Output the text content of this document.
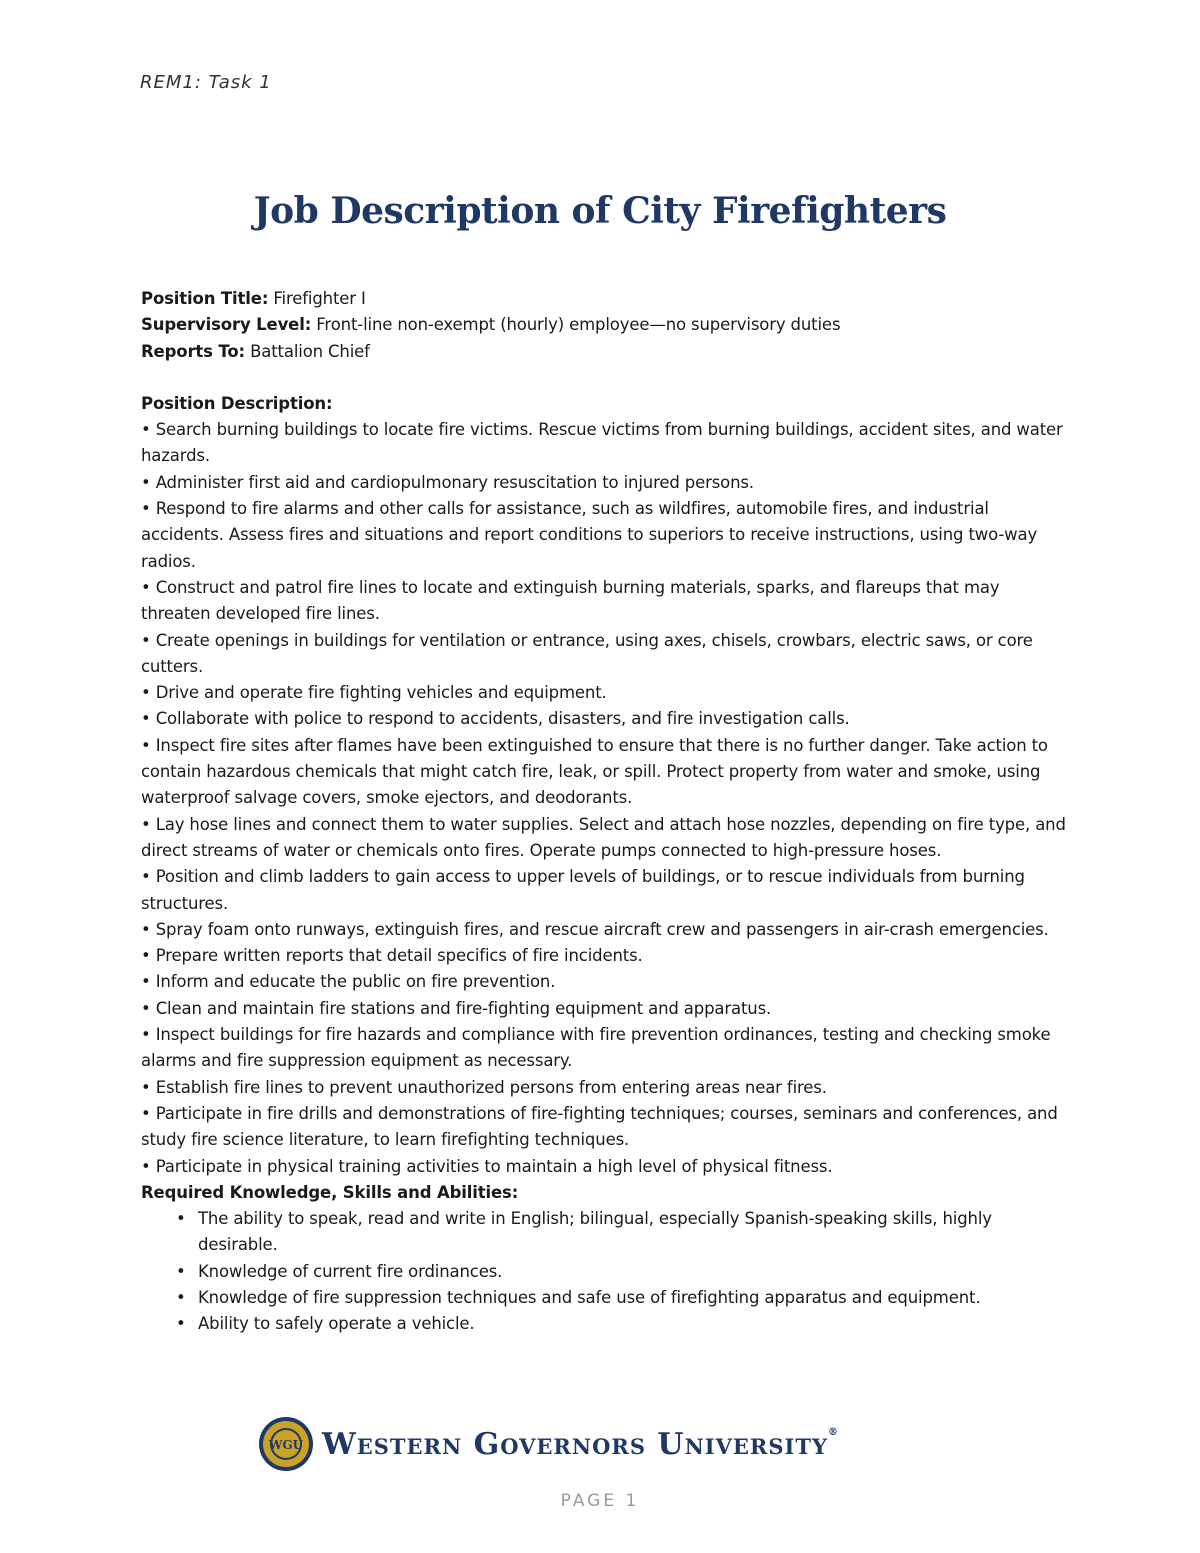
REM1: Task 1
Job Description of City Firefighters

Position Title: Firefighter I

Supervisory Level: Front-line non-exempt (hourly) employee—no supervisory duties

Reports To: Battalion Chief

Position Description:

• Search burning buildings to locate fire victims. Rescue victims from burning buildings, accident sites, and water hazards.
• Administer first aid and cardiopulmonary resuscitation to injured persons.
• Respond to fire alarms and other calls for assistance, such as wildfires, automobile fires, and industrial accidents. Assess fires and situations and report conditions to superiors to receive instructions, using two-way radios.
• Construct and patrol fire lines to locate and extinguish burning materials, sparks, and flareups that may threaten developed fire lines.
• Create openings in buildings for ventilation or entrance, using axes, chisels, crowbars, electric saws, or core cutters.
• Drive and operate fire fighting vehicles and equipment.
• Collaborate with police to respond to accidents, disasters, and fire investigation calls.
• Inspect fire sites after flames have been extinguished to ensure that there is no further danger. Take action to contain hazardous chemicals that might catch fire, leak, or spill. Protect property from water and smoke, using waterproof salvage covers, smoke ejectors, and deodorants.
• Lay hose lines and connect them to water supplies. Select and attach hose nozzles, depending on fire type, and direct streams of water or chemicals onto fires. Operate pumps connected to high-pressure hoses.
• Position and climb ladders to gain access to upper levels of buildings, or to rescue individuals from burning structures.
• Spray foam onto runways, extinguish fires, and rescue aircraft crew and passengers in air-crash emergencies.
• Prepare written reports that detail specifics of fire incidents.
• Inform and educate the public on fire prevention.
• Clean and maintain fire stations and fire-fighting equipment and apparatus.
• Inspect buildings for fire hazards and compliance with fire prevention ordinances, testing and checking smoke alarms and fire suppression equipment as necessary.
• Establish fire lines to prevent unauthorized persons from entering areas near fires.
• Participate in fire drills and demonstrations of fire-fighting techniques; courses, seminars and conferences, and study fire science literature, to learn firefighting techniques.
• Participate in physical training activities to maintain a high level of physical fitness.

Required Knowledge, Skills and Abilities:

• The ability to speak, read and write in English; bilingual, especially Spanish-speaking skills, highly desirable.
• Knowledge of current fire ordinances.
• Knowledge of fire suppression techniques and safe use of firefighting apparatus and equipment.
• Ability to safely operate a vehicle.
WGU Western Governors University®
PAGE 1
